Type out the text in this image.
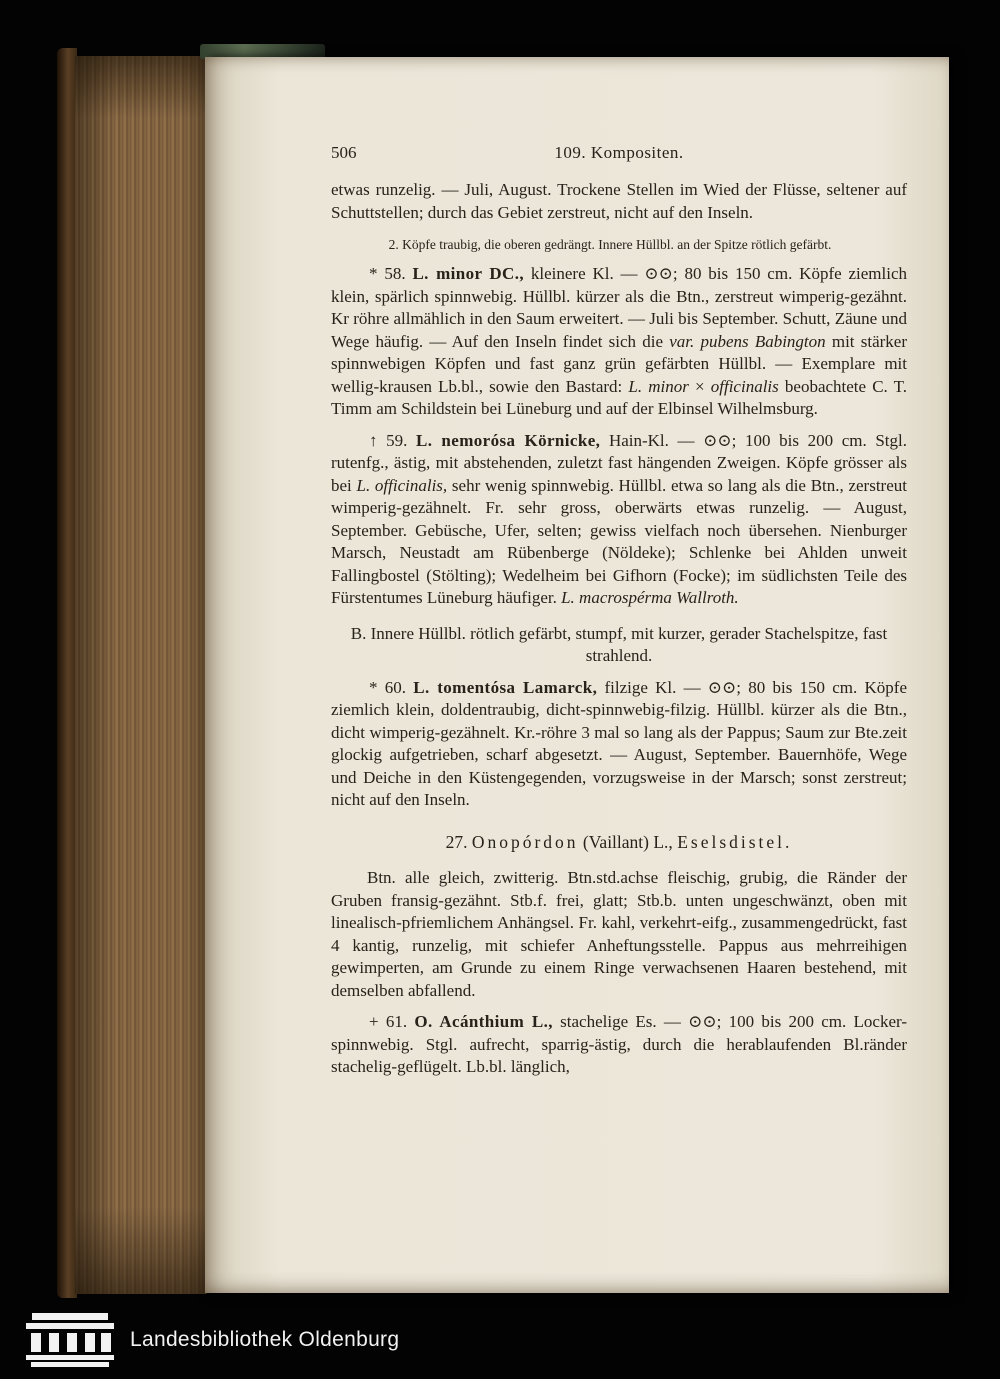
506	109. Kompositen.

etwas runzelig. — Juli, August. Trockene Stellen im Wied der Flüsse, seltener auf Schuttstellen; durch das Gebiet zerstreut, nicht auf den Inseln.

2. Köpfe traubig, die oberen gedrängt. Innere Hüllbl. an der Spitze rötlich gefärbt.

* 58. L. minor DC., kleinere Kl. — ⊙⊙; 80 bis 150 cm. Köpfe ziemlich klein, spärlich spinnwebig. Hüllbl. kürzer als die Btn., zerstreut wimperig-gezähnt. Kr röhre allmählich in den Saum erweitert. — Juli bis September. Schutt, Zäune und Wege häufig. — Auf den Inseln findet sich die var. pubens Babington mit stärker spinnwebigen Köpfen und fast ganz grün gefärbten Hüllbl. — Exemplare mit wellig-krausen Lb.bl., sowie den Bastard: L. minor × officinalis beobachtete C. T. Timm am Schildstein bei Lüneburg und auf der Elbinsel Wilhelmsburg.

↑ 59. L. nemorósa Körnicke, Hain-Kl. — ⊙⊙; 100 bis 200 cm. Stgl. rutenfg., ästig, mit abstehenden, zuletzt fast hängenden Zweigen. Köpfe grösser als bei L. officinalis, sehr wenig spinnwebig. Hüllbl. etwa so lang als die Btn., zerstreut wimperig-gezähnelt. Fr. sehr gross, oberwärts etwas runzelig. — August, September. Gebüsche, Ufer, selten; gewiss vielfach noch übersehen. Nienburger Marsch, Neustadt am Rübenberge (Nöldeke); Schlenke bei Ahlden unweit Fallingbostel (Stölting); Wedelheim bei Gifhorn (Focke); im südlichsten Teile des Fürstentumes Lüneburg häufiger. L. macrospérma Wallroth.

B. Innere Hüllbl. rötlich gefärbt, stumpf, mit kurzer, gerader Stachelspitze, fast strahlend.

* 60. L. tomentósa Lamarck, filzige Kl. — ⊙⊙; 80 bis 150 cm. Köpfe ziemlich klein, doldentraubig, dicht-spinnwebig-filzig. Hüllbl. kürzer als die Btn., dicht wimperig-gezähnelt. Kr.-röhre 3 mal so lang als der Pappus; Saum zur Bte.zeit glockig aufgetrieben, scharf abgesetzt. — August, September. Bauernhöfe, Wege und Deiche in den Küstengegenden, vorzugsweise in der Marsch; sonst zerstreut; nicht auf den Inseln.

27. Onopórdon (Vaillant) L., Eselsdistel.

Btn. alle gleich, zwitterig. Btn.std.achse fleischig, grubig, die Ränder der Gruben fransig-gezähnt. Stb.f. frei, glatt; Stb.b. unten ungeschwänzt, oben mit linealisch-pfriemlichem Anhängsel. Fr. kahl, verkehrt-eifg., zusammengedrückt, fast 4 kantig, runzelig, mit schiefer Anheftungsstelle. Pappus aus mehrreihigen gewimperten, am Grunde zu einem Ringe verwachsenen Haaren bestehend, mit demselben abfallend.

+ 61. O. Acánthium L., stachelige Es. — ⊙⊙; 100 bis 200 cm. Locker-spinnwebig. Stgl. aufrecht, sparrig-ästig, durch die herablaufenden Bl.ränder stachelig-geflügelt. Lb.bl. länglich,

Landesbibliothek Oldenburg
